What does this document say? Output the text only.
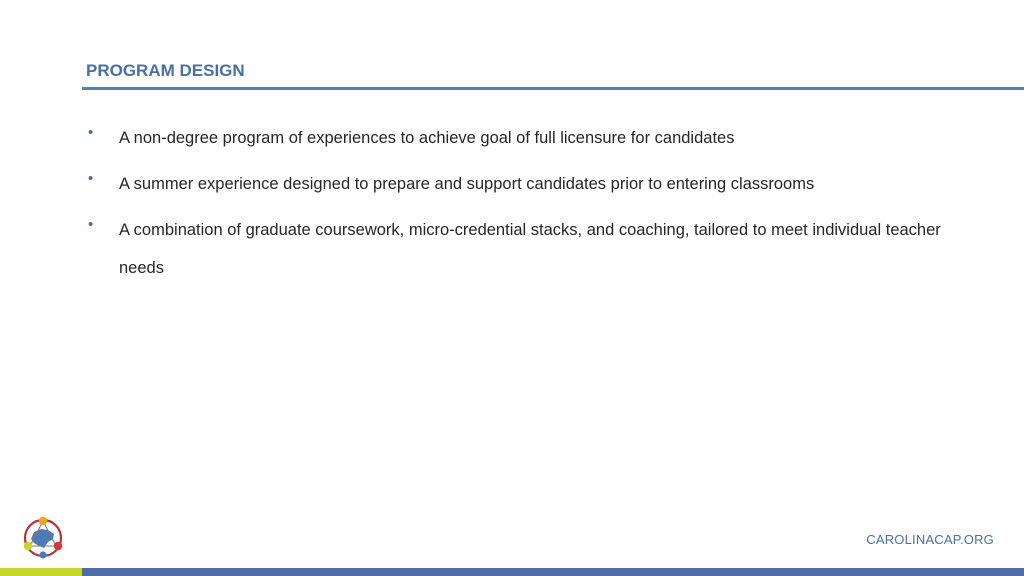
PROGRAM DESIGN
• A non-degree program of experiences to achieve goal of full licensure for candidates
• A summer experience designed to prepare and support candidates prior to entering classrooms
• A combination of graduate coursework, micro-credential stacks, and coaching, tailored to meet individual teacher needs
CAROLINACAP.ORG
